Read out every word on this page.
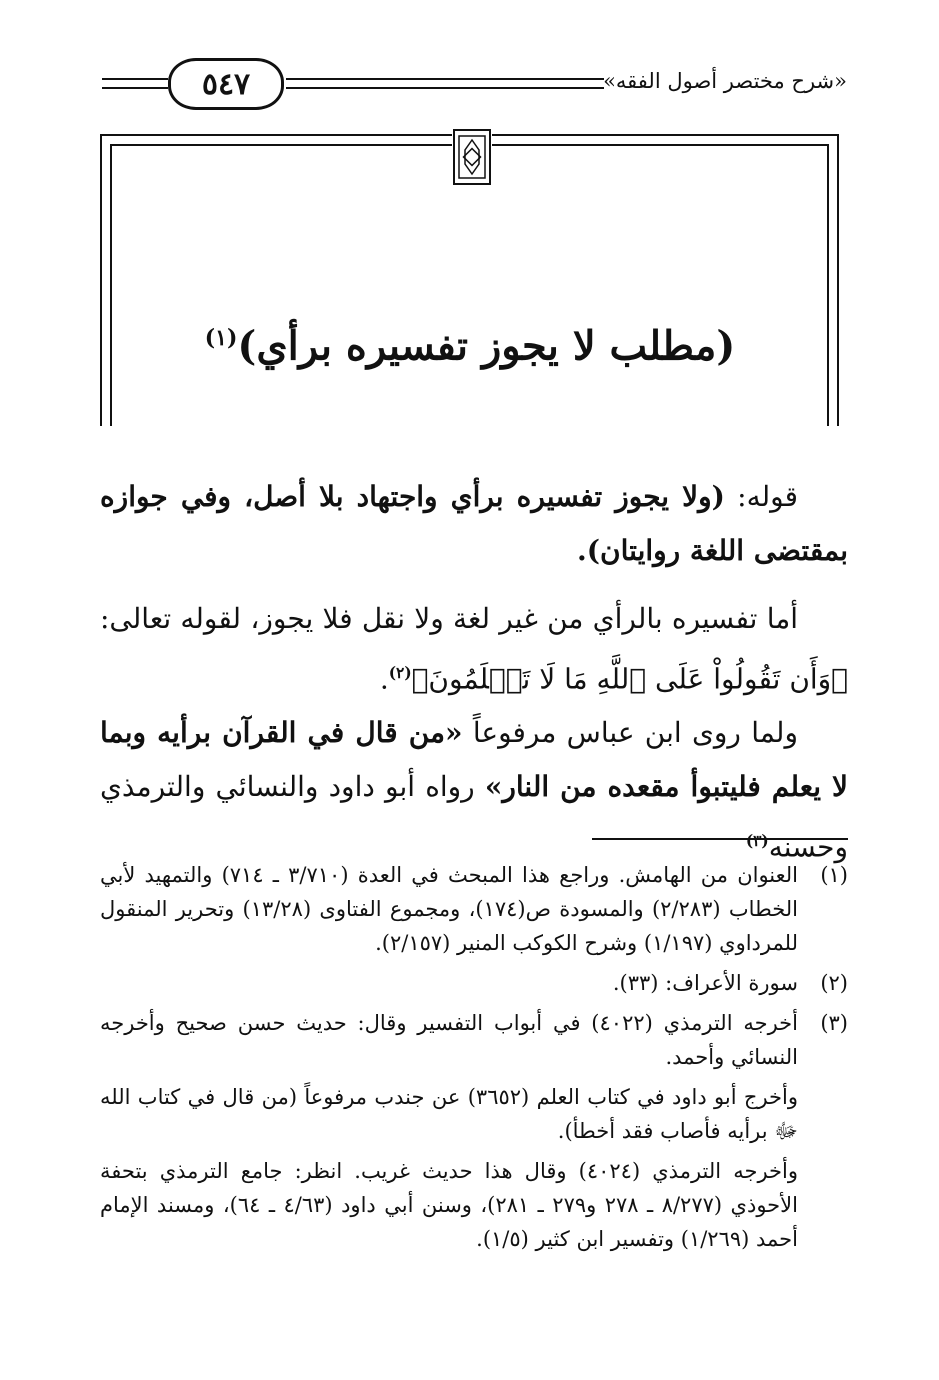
«شرح مختصر أصول الفقه»
٥٤٧
(مطلب لا يجوز تفسيره برأي)$^{(١)}$
قوله: (ولا يجوز تفسيره برأي واجتهاد بلا أصل، وفي جوازه بمقتضى اللغة روايتان).
أما تفسيره بالرأي من غير لغة ولا نقل فلا يجوز، لقوله تعالى: ﴿وَأَن تَقُولُواْ عَلَى ٱللَّهِ مَا لَا تَعۡلَمُونَ﴾$^{(٢)}$.
ولما روى ابن عباس مرفوعاً «من قال في القرآن برأيه وبما لا يعلم فليتبوأ مقعده من النار» رواه أبو داود والنسائي والترمذي وحسنه$^{(٣)}$
(١)
العنوان من الهامش. وراجع هذا المبحث في العدة (٣/٧١٠ ـ ٧١٤) والتمهيد لأبي الخطاب (٢/٢٨٣) والمسودة ص(١٧٤)، ومجموع الفتاوى (١٣/٢٨) وتحرير المنقول للمرداوي (١/١٩٧) وشرح الكوكب المنير (٢/١٥٧).
(٢)
سورة الأعراف: (٣٣).
(٣)
أخرجه الترمذي (٤٠٢٢) في أبواب التفسير وقال: حديث حسن صحيح وأخرجه النسائي وأحمد.
وأخرج أبو داود في كتاب العلم (٣٦٥٢) عن جندب مرفوعاً (من قال في كتاب الله ﷻ برأيه فأصاب فقد أخطأ).
وأخرجه الترمذي (٤٠٢٤) وقال هذا حديث غريب. انظر: جامع الترمذي بتحفة الأحوذي (٨/٢٧٧ ـ ٢٧٨ و٢٧٩ ـ ٢٨١)، وسنن أبي داود (٤/٦٣ ـ ٦٤)، ومسند الإمام أحمد (١/٢٦٩) وتفسير ابن كثير (١/٥).
